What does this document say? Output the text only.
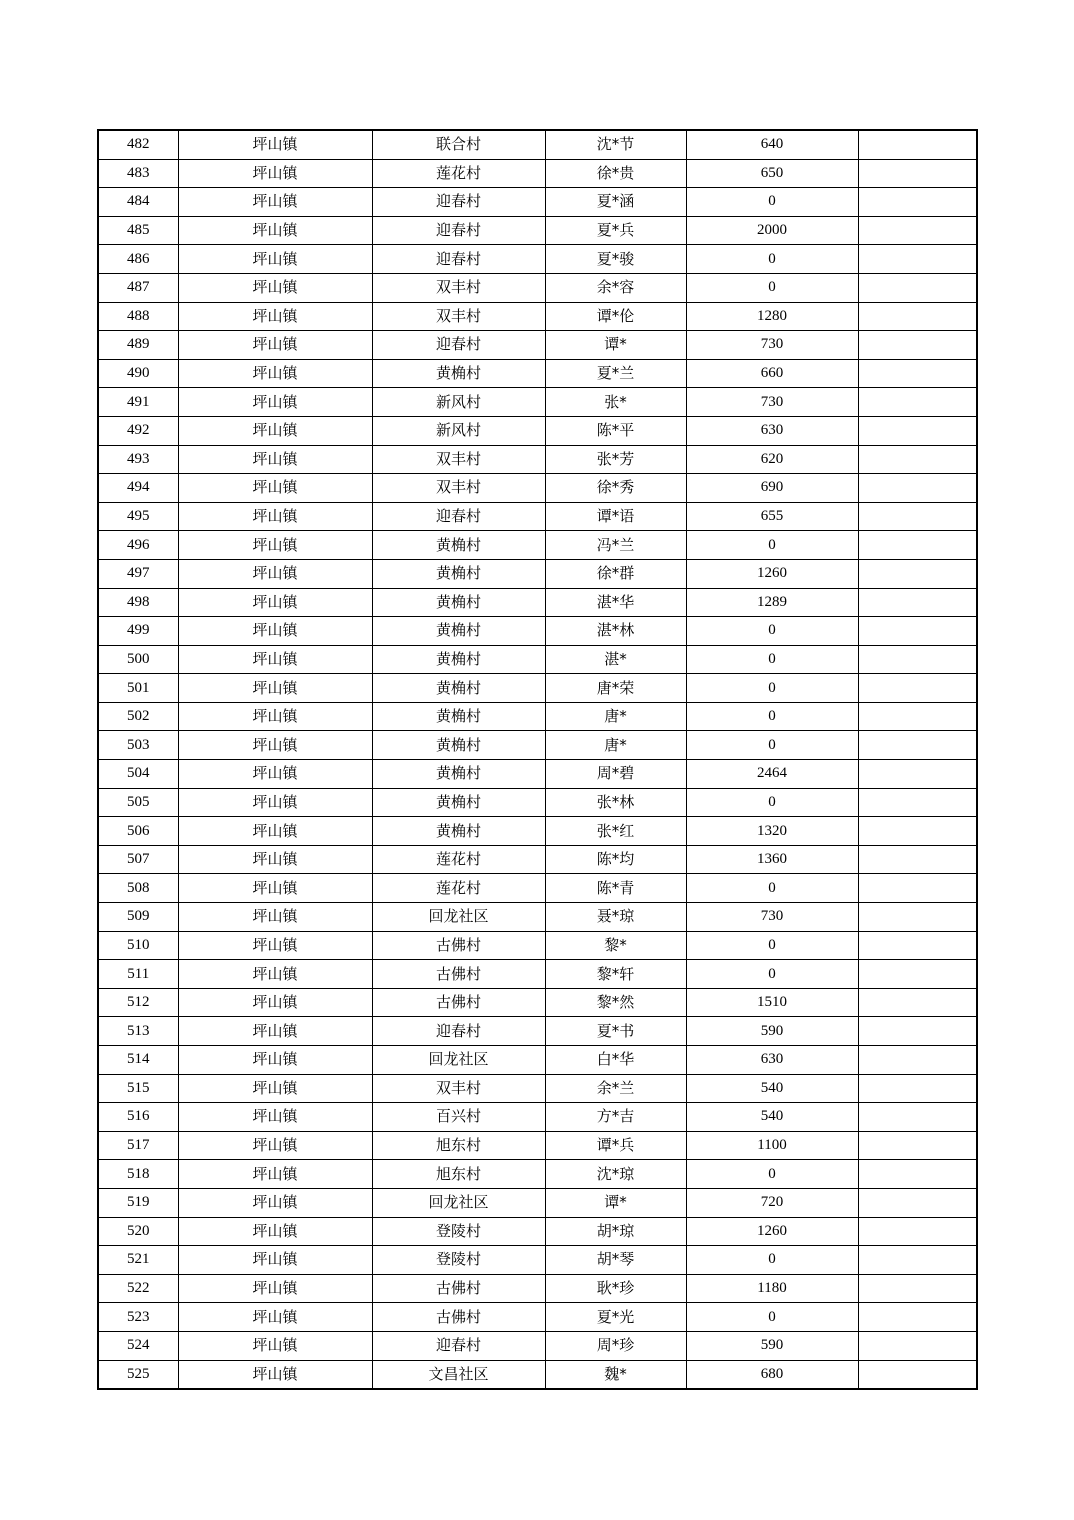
482	坪山镇	联合村	沈*节	640	
483	坪山镇	莲花村	徐*贵	650	
484	坪山镇	迎春村	夏*涵	0	
485	坪山镇	迎春村	夏*兵	2000	
486	坪山镇	迎春村	夏*骏	0	
487	坪山镇	双丰村	余*容	0	
488	坪山镇	双丰村	谭*伦	1280	
489	坪山镇	迎春村	谭*	730	
490	坪山镇	黄桷村	夏*兰	660	
491	坪山镇	新风村	张*	730	
492	坪山镇	新风村	陈*平	630	
493	坪山镇	双丰村	张*芳	620	
494	坪山镇	双丰村	徐*秀	690	
495	坪山镇	迎春村	谭*语	655	
496	坪山镇	黄桷村	冯*兰	0	
497	坪山镇	黄桷村	徐*群	1260	
498	坪山镇	黄桷村	湛*华	1289	
499	坪山镇	黄桷村	湛*林	0	
500	坪山镇	黄桷村	湛*	0	
501	坪山镇	黄桷村	唐*荣	0	
502	坪山镇	黄桷村	唐*	0	
503	坪山镇	黄桷村	唐*	0	
504	坪山镇	黄桷村	周*碧	2464	
505	坪山镇	黄桷村	张*林	0	
506	坪山镇	黄桷村	张*红	1320	
507	坪山镇	莲花村	陈*均	1360	
508	坪山镇	莲花村	陈*青	0	
509	坪山镇	回龙社区	聂*琼	730	
510	坪山镇	古佛村	黎*	0	
511	坪山镇	古佛村	黎*轩	0	
512	坪山镇	古佛村	黎*然	1510	
513	坪山镇	迎春村	夏*书	590	
514	坪山镇	回龙社区	白*华	630	
515	坪山镇	双丰村	余*兰	540	
516	坪山镇	百兴村	方*吉	540	
517	坪山镇	旭东村	谭*兵	1100	
518	坪山镇	旭东村	沈*琼	0	
519	坪山镇	回龙社区	谭*	720	
520	坪山镇	登陵村	胡*琼	1260	
521	坪山镇	登陵村	胡*琴	0	
522	坪山镇	古佛村	耿*珍	1180	
523	坪山镇	古佛村	夏*光	0	
524	坪山镇	迎春村	周*珍	590	
525	坪山镇	文昌社区	魏*	680	
